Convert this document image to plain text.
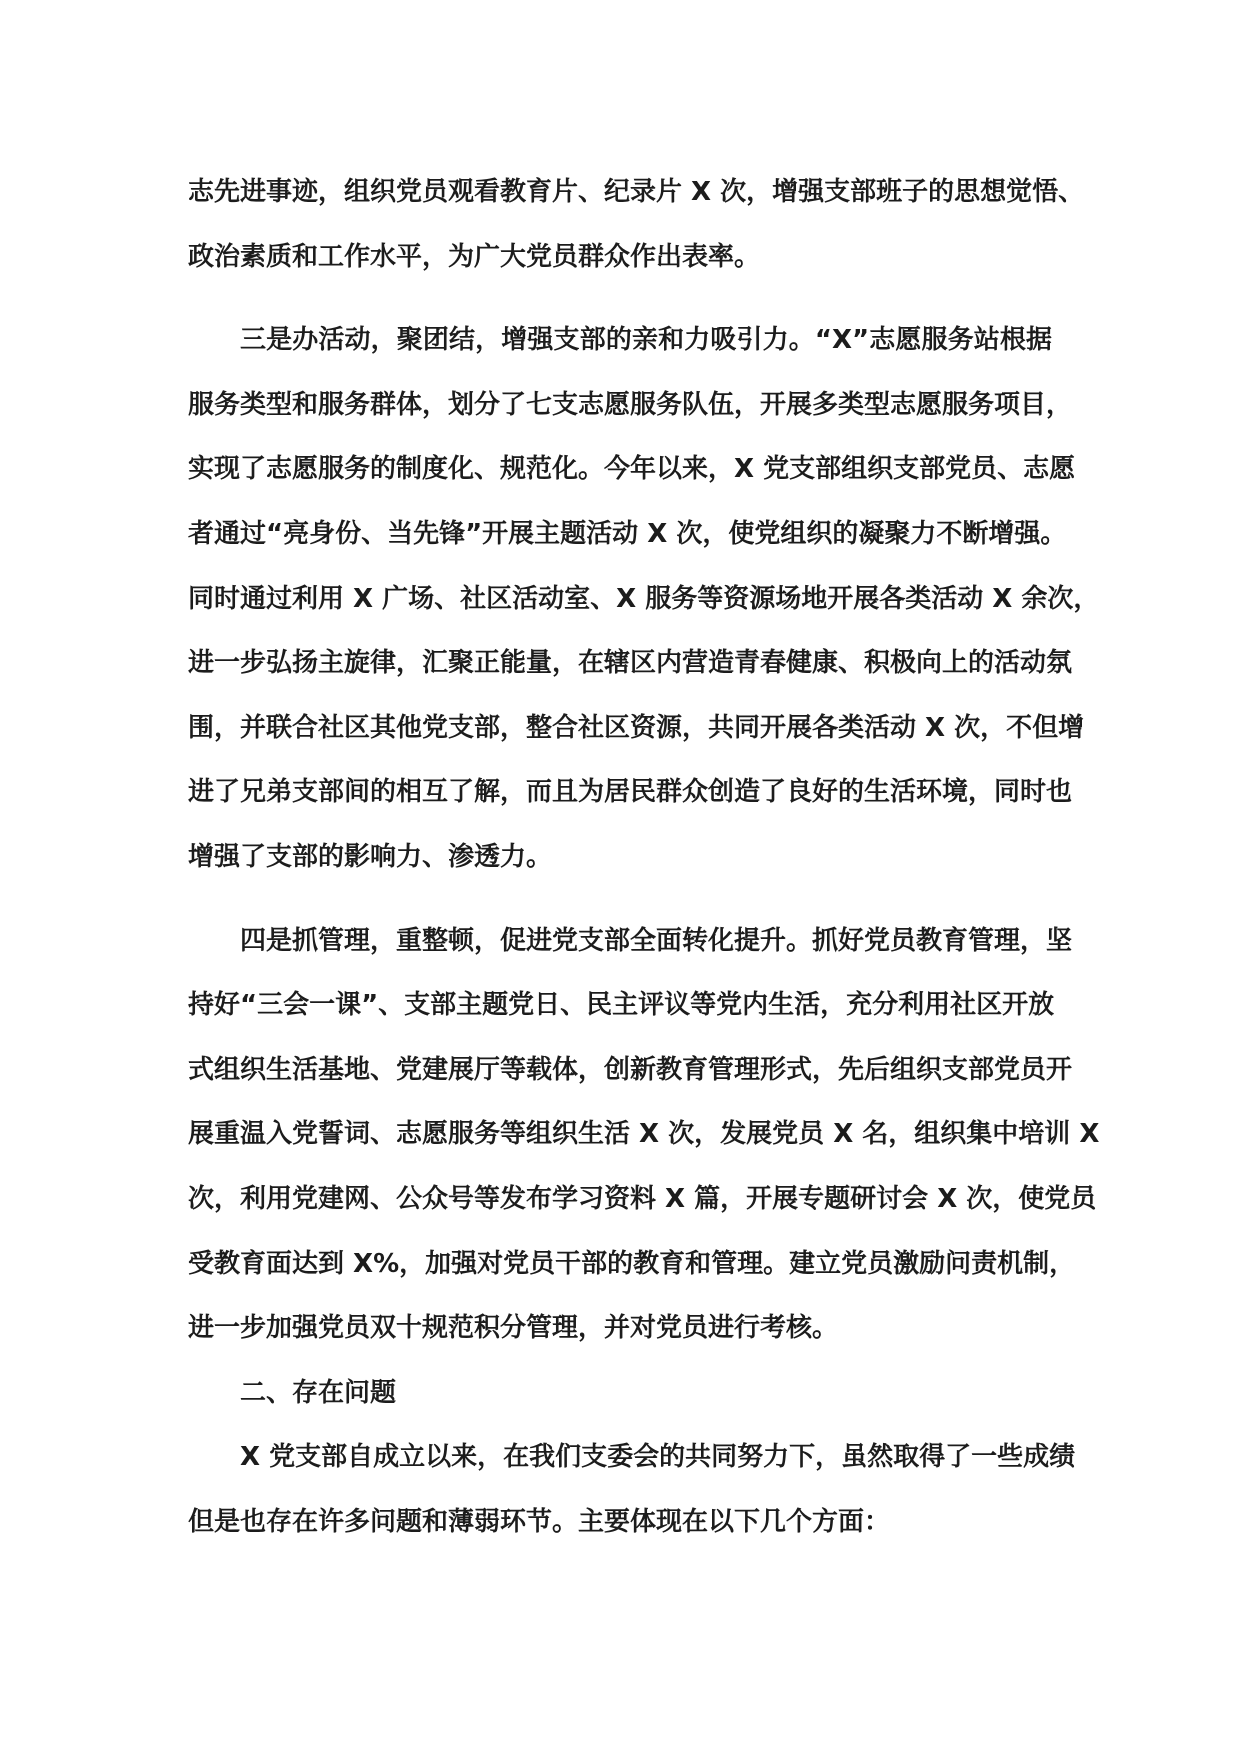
志先进事迹，组织党员观看教育片、纪录片 X 次，增强支部班子的思想觉悟、
政治素质和工作水平，为广大党员群众作出表率。

三是办活动，聚团结，增强支部的亲和力吸引力。“X”志愿服务站根据
服务类型和服务群体，划分了七支志愿服务队伍，开展多类型志愿服务项目，
实现了志愿服务的制度化、规范化。今年以来，X 党支部组织支部党员、志愿
者通过“亮身份、当先锋”开展主题活动 X 次，使党组织的凝聚力不断增强。
同时通过利用 X 广场、社区活动室、X 服务等资源场地开展各类活动 X 余次，
进一步弘扬主旋律，汇聚正能量，在辖区内营造青春健康、积极向上的活动氛
围，并联合社区其他党支部，整合社区资源，共同开展各类活动 X 次，不但增
进了兄弟支部间的相互了解，而且为居民群众创造了良好的生活环境，同时也
增强了支部的影响力、渗透力。

四是抓管理，重整顿，促进党支部全面转化提升。抓好党员教育管理，坚
持好“三会一课”、支部主题党日、民主评议等党内生活，充分利用社区开放
式组织生活基地、党建展厅等载体，创新教育管理形式，先后组织支部党员开
展重温入党誓词、志愿服务等组织生活 X 次，发展党员 X 名，组织集中培训 X
次，利用党建网、公众号等发布学习资料 X 篇，开展专题研讨会 X 次，使党员
受教育面达到 X%，加强对党员干部的教育和管理。建立党员激励问责机制，
进一步加强党员双十规范积分管理，并对党员进行考核。

二、存在问题

X 党支部自成立以来，在我们支委会的共同努力下，虽然取得了一些成绩
但是也存在许多问题和薄弱环节。主要体现在以下几个方面：
